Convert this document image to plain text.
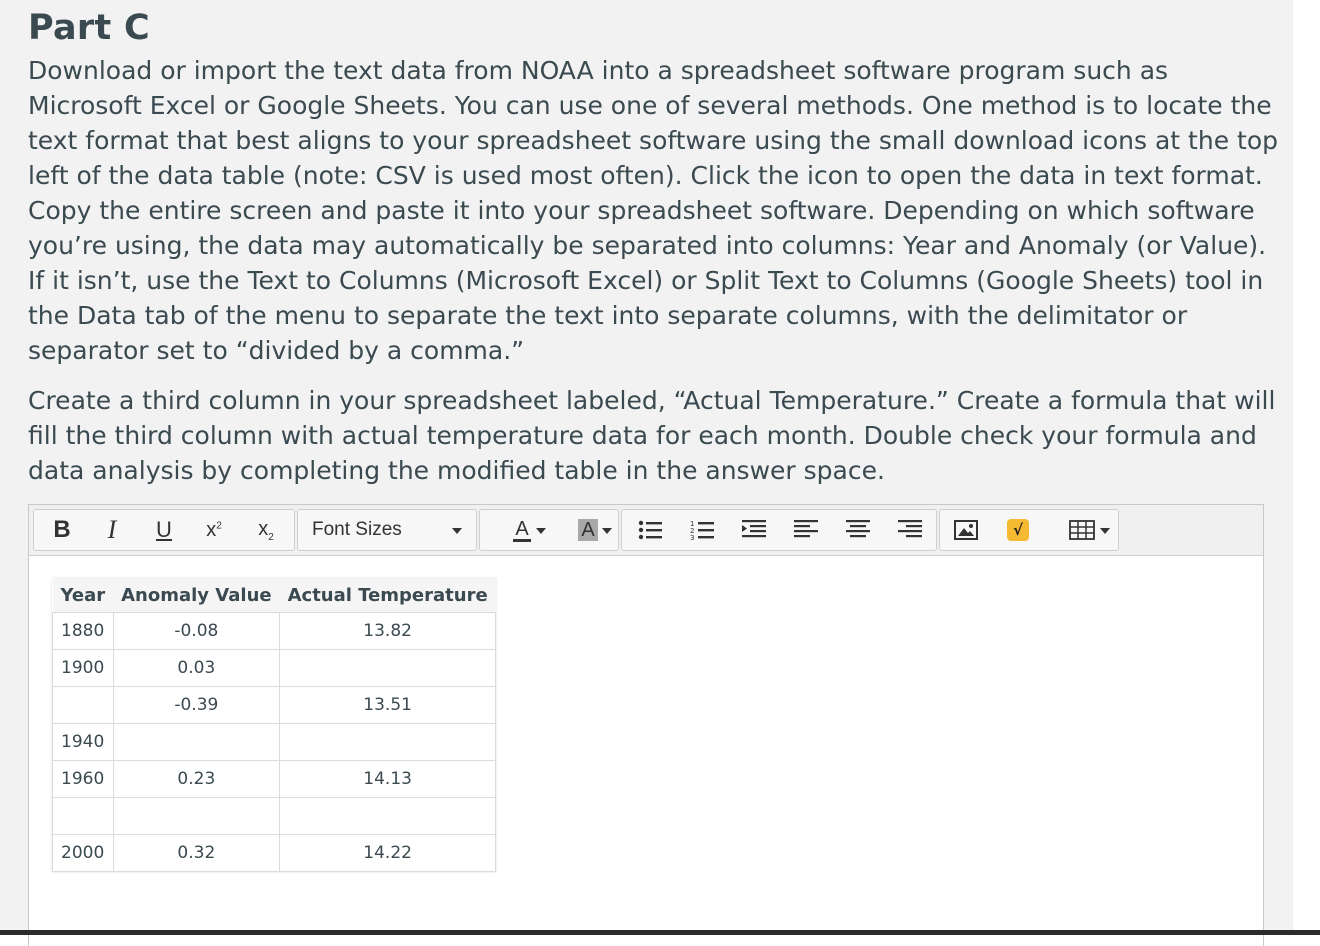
Part C

Download or import the text data from NOAA into a spreadsheet software program such as Microsoft Excel or Google Sheets. You can use one of several methods. One method is to locate the text format that best aligns to your spreadsheet software using the small download icons at the top left of the data table (note: CSV is used most often). Click the icon to open the data in text format. Copy the entire screen and paste it into your spreadsheet software. Depending on which software you’re using, the data may automatically be separated into columns: Year and Anomaly (or Value). If it isn’t, use the Text to Columns (Microsoft Excel) or Split Text to Columns (Google Sheets) tool in the Data tab of the menu to separate the text into separate columns, with the delimitator or separator set to “divided by a comma.”

Create a third column in your spreadsheet labeled, “Actual Temperature.” Create a formula that will fill the third column with actual temperature data for each month. Double check your formula and data analysis by completing the modified table in the answer space.

B I U $x^2$ $x_2$ Font Sizes	A	A	1
2
3	√
Year	Anomaly Value	Actual Temperature
1880	-0.08	13.82
1900	0.03	
	-0.39	13.51
1940		
1960	0.23	14.13

2000	0.32	14.22
